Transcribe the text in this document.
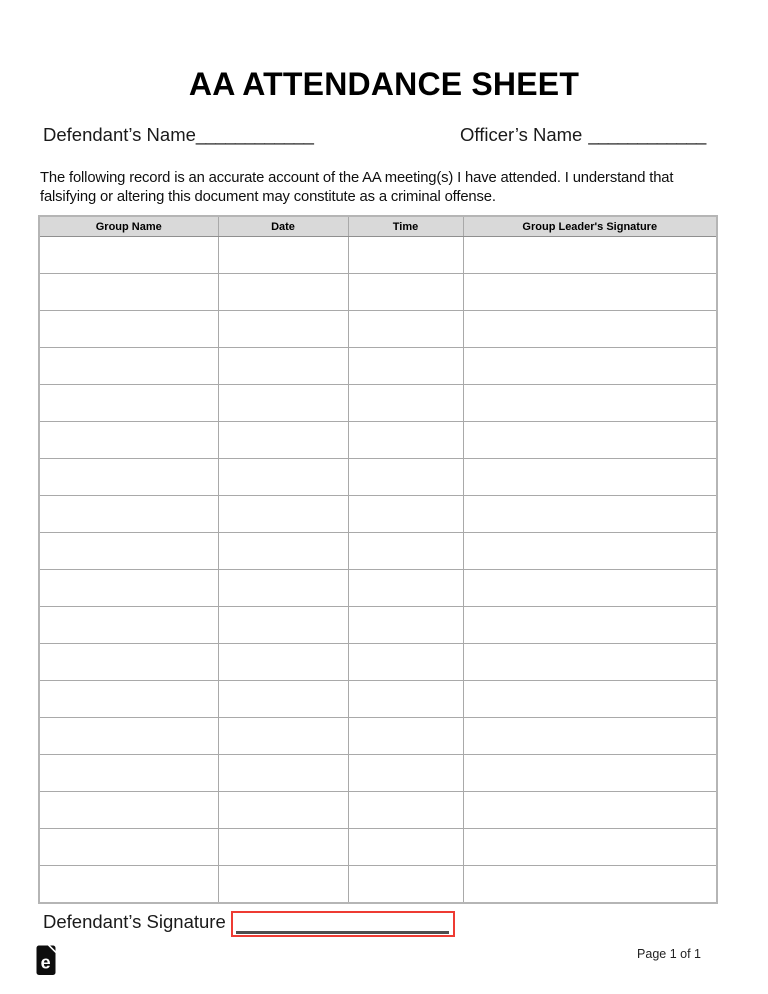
AA ATTENDANCE SHEET
Defendant’s Name____________	Officer’s Name ____________
The following record is an accurate account of the AA meeting(s) I have attended. I understand that
falsifying or altering this document may constitute as a criminal offense.
Group Name	Date	Time	Group Leader's Signature

Defendant’s Signature
e	Page 1 of 1
